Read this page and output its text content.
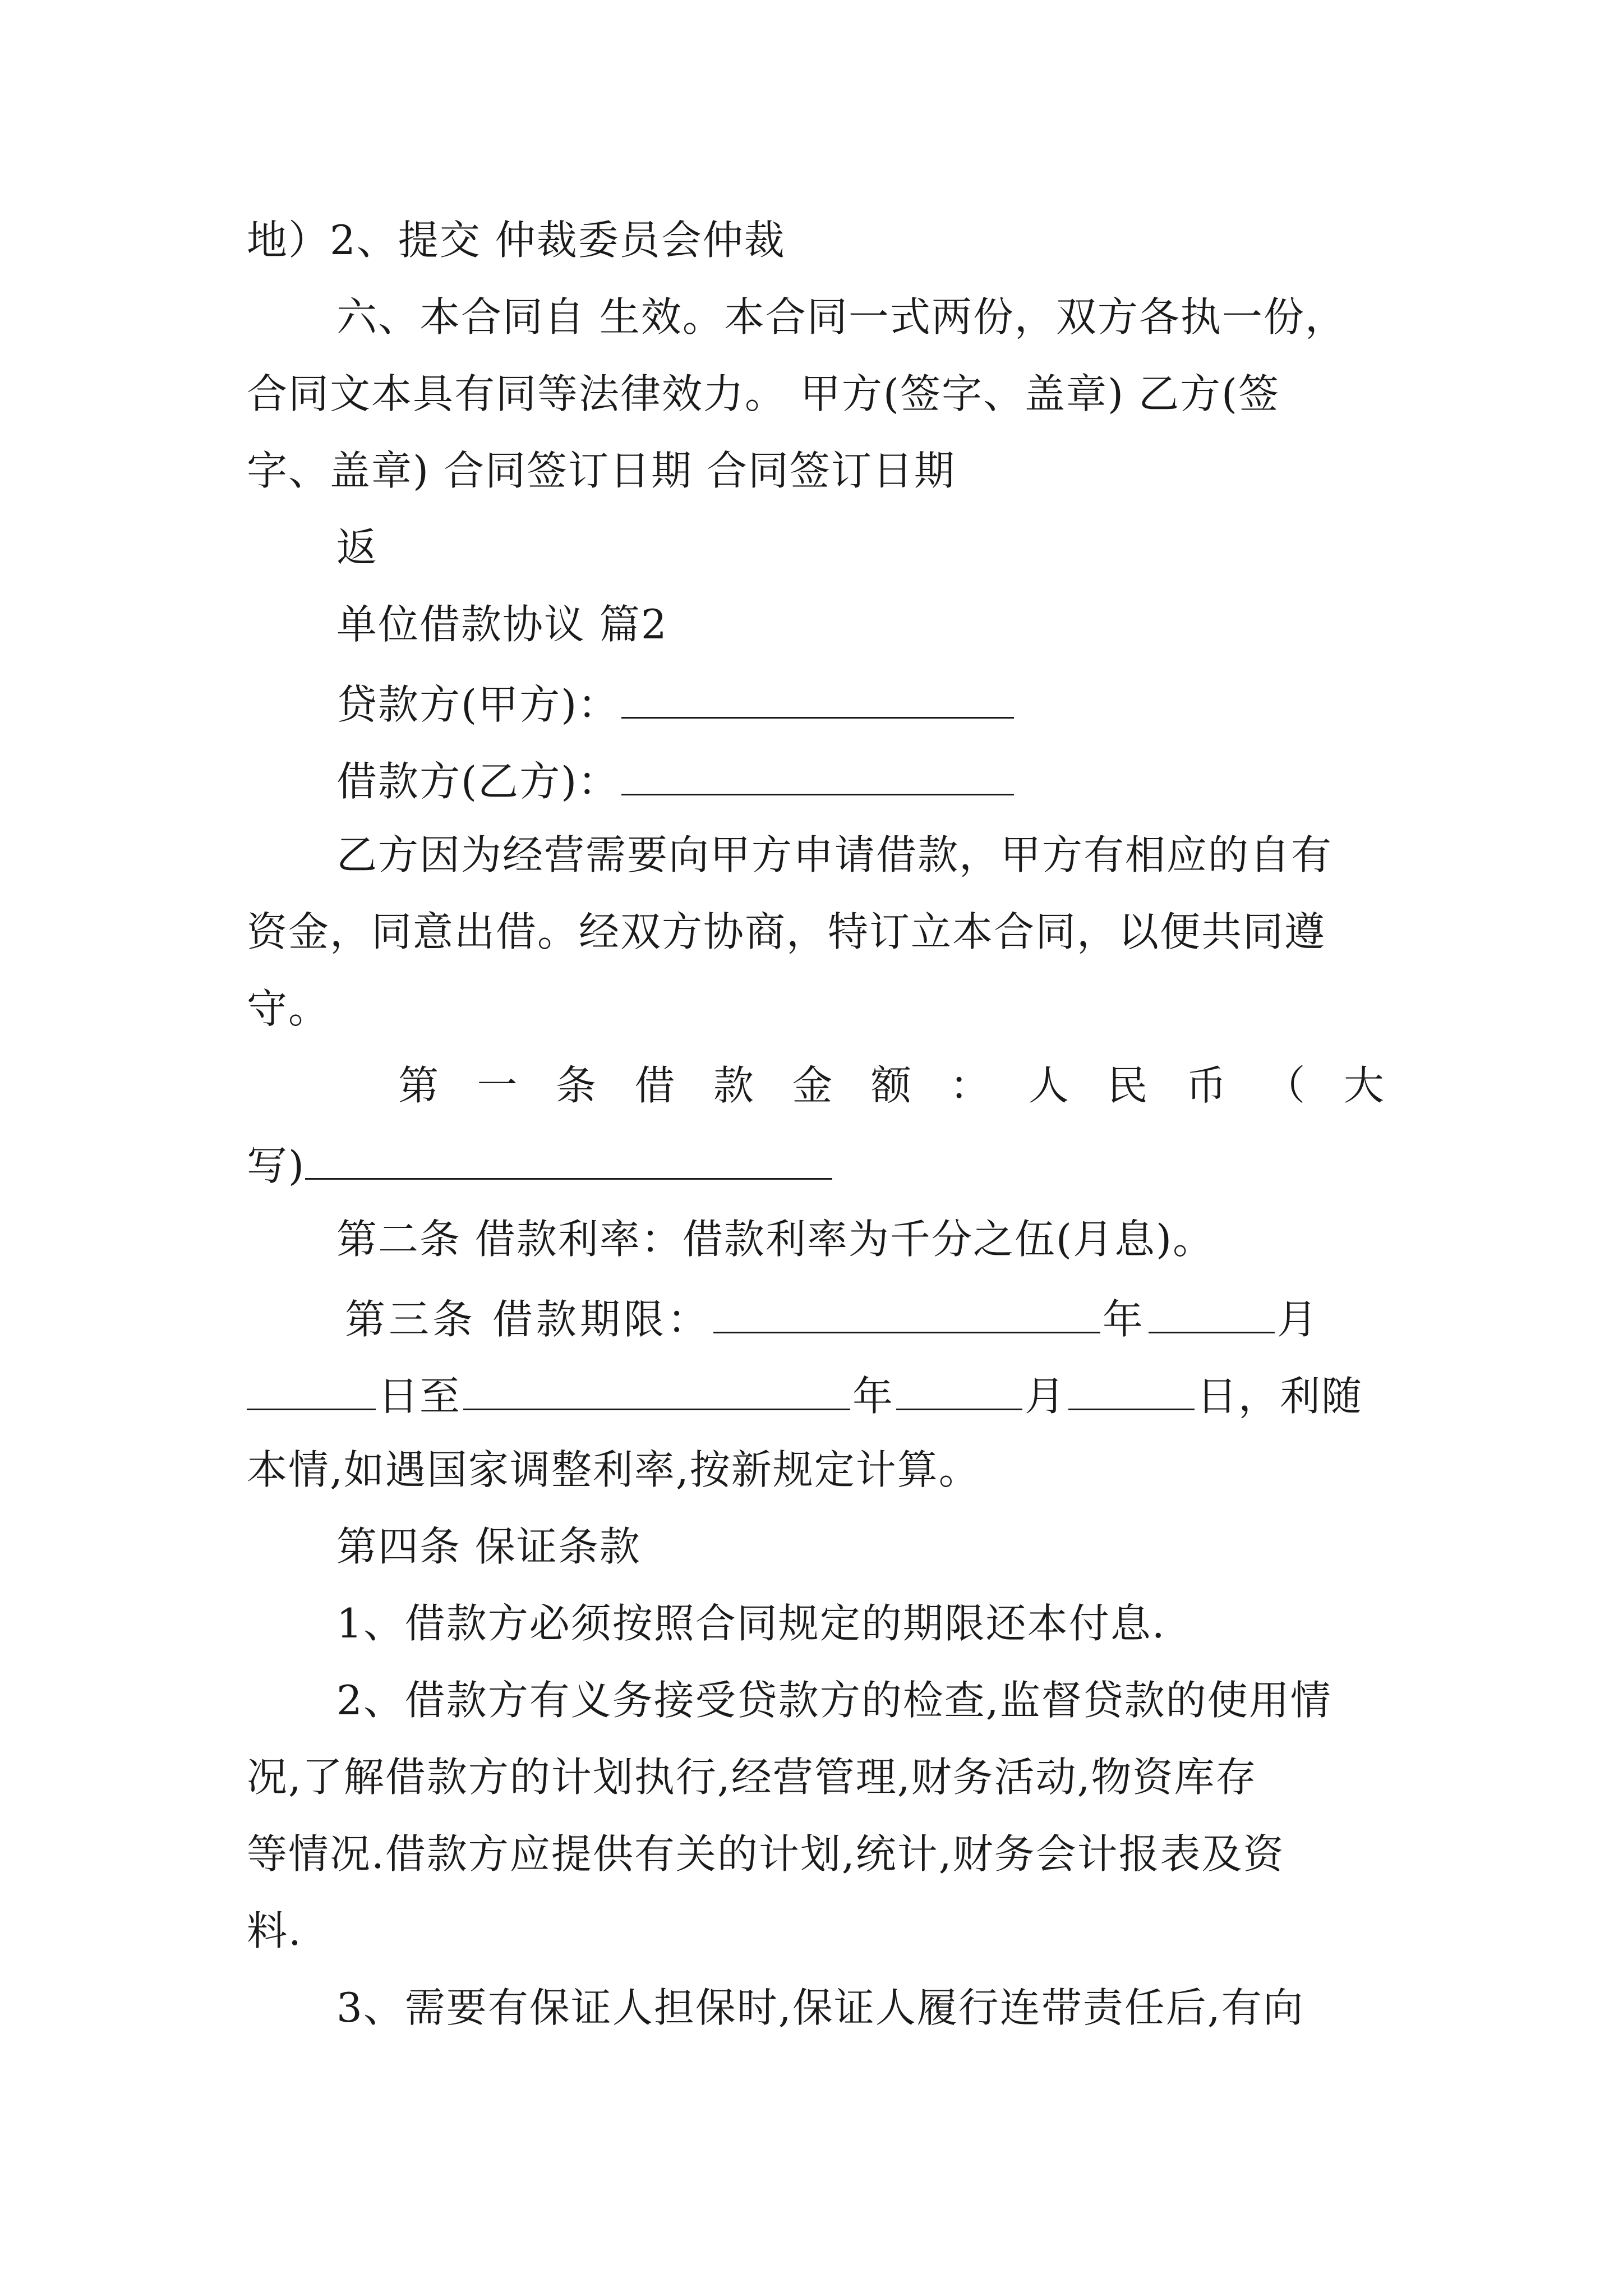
地）2、提交 仲裁委员会仲裁
六、本合同自 生效。本合同一式两份，双方各执一份，
合同文本具有同等法律效力。 甲方(签字、盖章) 乙方(签
字、盖章) 合同签订日期 合同签订日期
返
单位借款协议 篇2
贷款方(甲方)：
借款方(乙方)：
乙方因为经营需要向甲方申请借款，甲方有相应的自有
资金，同意出借。经双方协商，特订立本合同，以便共同遵
守。
第 一 条 借 款 金 额 ： 人 民 币 （ 大
写)
第二条 借款利率：借款利率为千分之伍(月息)。
第三条 借款期限：	年	月
日至	年	月	日，利随
本情,如遇国家调整利率,按新规定计算。
第四条 保证条款
1、借款方必须按照合同规定的期限还本付息.
2、借款方有义务接受贷款方的检查,监督贷款的使用情
况,了解借款方的计划执行,经营管理,财务活动,物资库存
等情况.借款方应提供有关的计划,统计,财务会计报表及资
料.
3、需要有保证人担保时,保证人履行连带责任后,有向
